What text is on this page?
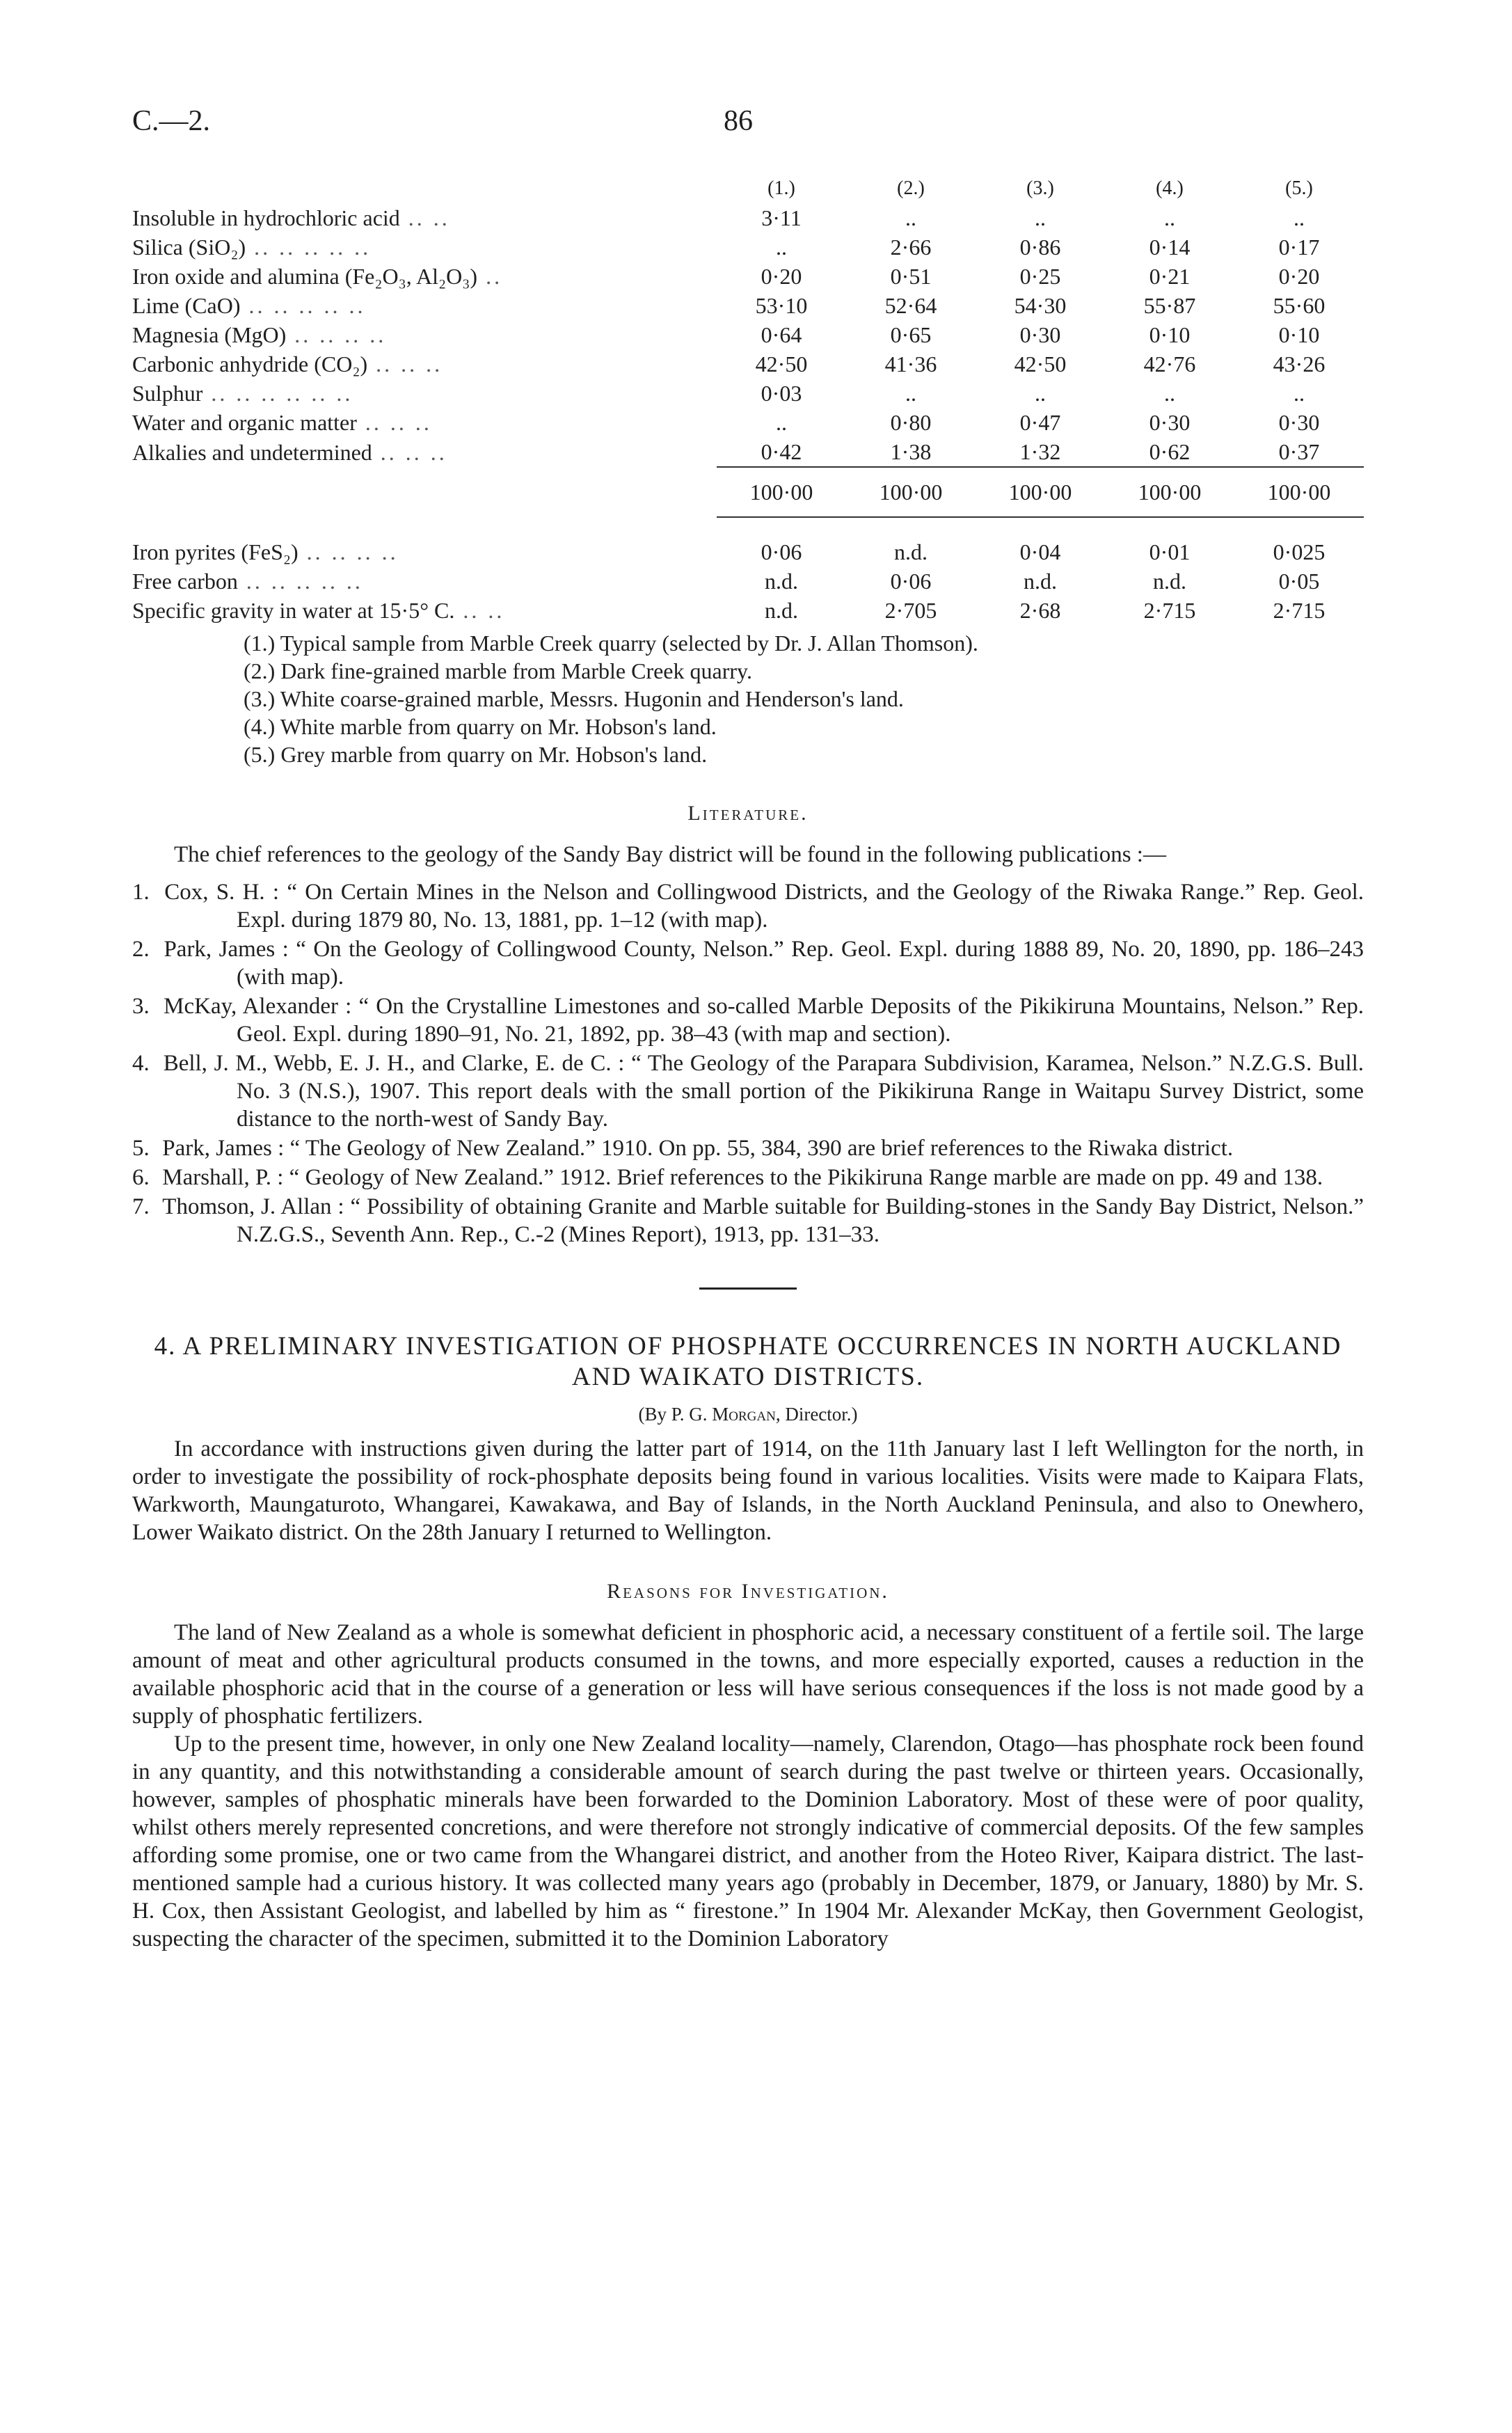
C.—2.	86
	(1.)	(2.)	(3.)	(4.)	(5.)
Insoluble in hydrochloric acid .. ..	3·11	..	..	..	..
Silica (SiO₂) .. .. .. .. ..	..	2·66	0·86	0·14	0·17
Iron oxide and alumina (Fe₂O₃, Al₂O₃) ..	0·20	0·51	0·25	0·21	0·20
Lime (CaO) .. .. .. .. ..	53·10	52·64	54·30	55·87	55·60
Magnesia (MgO) .. .. .. ..	0·64	0·65	0·30	0·10	0·10
Carbonic anhydride (CO₂) .. .. ..	42·50	41·36	42·50	42·76	43·26
Sulphur .. .. .. .. .. ..	0·03	..	..	..	..
Water and organic matter .. .. ..	..	0·80	0·47	0·30	0·30
Alkalies and undetermined .. .. ..	0·42	1·38	1·32	0·62	0·37
	100·00	100·00	100·00	100·00	100·00

Iron pyrites (FeS₂) .. .. .. ..	0·06	n.d.	0·04	0·01	0·025
Free carbon .. .. .. .. ..	n.d.	0·06	n.d.	n.d.	0·05
Specific gravity in water at 15·5° C. .. ..	n.d.	2·705	2·68	2·715	2·715
(1.) Typical sample from Marble Creek quarry (selected by Dr. J. Allan Thomson).
(2.) Dark fine-grained marble from Marble Creek quarry.
(3.) White coarse-grained marble, Messrs. Hugonin and Henderson's land.
(4.) White marble from quarry on Mr. Hobson's land.
(5.) Grey marble from quarry on Mr. Hobson's land.
Literature.

The chief references to the geology of the Sandy Bay district will be found in the following publications :—

1. Cox, S. H. : “ On Certain Mines in the Nelson and Collingwood Districts, and the Geology of the Riwaka Range.” Rep. Geol. Expl. during 1879 80, No. 13, 1881, pp. 1–12 (with map).
2. Park, James : “ On the Geology of Collingwood County, Nelson.” Rep. Geol. Expl. during 1888 89, No. 20, 1890, pp. 186–243 (with map).
3. McKay, Alexander : “ On the Crystalline Limestones and so-called Marble Deposits of the Pikikiruna Mountains, Nelson.” Rep. Geol. Expl. during 1890–91, No. 21, 1892, pp. 38–43 (with map and section).
4. Bell, J. M., Webb, E. J. H., and Clarke, E. de C. : “ The Geology of the Parapara Subdivision, Karamea, Nelson.” N.Z.G.S. Bull. No. 3 (N.S.), 1907. This report deals with the small portion of the Pikikiruna Range in Waitapu Survey District, some distance to the north-west of Sandy Bay.
5. Park, James : “ The Geology of New Zealand.” 1910. On pp. 55, 384, 390 are brief references to the Riwaka district.
6. Marshall, P. : “ Geology of New Zealand.” 1912. Brief references to the Pikikiruna Range marble are made on pp. 49 and 138.
7. Thomson, J. Allan : “ Possibility of obtaining Granite and Marble suitable for Building-stones in the Sandy Bay District, Nelson.” N.Z.G.S., Seventh Ann. Rep., C.-2 (Mines Report), 1913, pp. 131–33.
4. A PRELIMINARY INVESTIGATION OF PHOSPHATE OCCURRENCES IN NORTH AUCKLAND AND WAIKATO DISTRICTS.
(By P. G. Morgan, Director.)

In accordance with instructions given during the latter part of 1914, on the 11th January last I left Wellington for the north, in order to investigate the possibility of rock-phosphate deposits being found in various localities. Visits were made to Kaipara Flats, Warkworth, Maungaturoto, Whangarei, Kawakawa, and Bay of Islands, in the North Auckland Peninsula, and also to Onewhero, Lower Waikato district. On the 28th January I returned to Wellington.

Reasons for Investigation.

The land of New Zealand as a whole is somewhat deficient in phosphoric acid, a necessary constituent of a fertile soil. The large amount of meat and other agricultural products consumed in the towns, and more especially exported, causes a reduction in the available phosphoric acid that in the course of a generation or less will have serious consequences if the loss is not made good by a supply of phosphatic fertilizers.

Up to the present time, however, in only one New Zealand locality—namely, Clarendon, Otago—has phosphate rock been found in any quantity, and this notwithstanding a considerable amount of search during the past twelve or thirteen years. Occasionally, however, samples of phosphatic minerals have been forwarded to the Dominion Laboratory. Most of these were of poor quality, whilst others merely represented concretions, and were therefore not strongly indicative of commercial deposits. Of the few samples affording some promise, one or two came from the Whangarei district, and another from the Hoteo River, Kaipara district. The last-mentioned sample had a curious history. It was collected many years ago (probably in December, 1879, or January, 1880) by Mr. S. H. Cox, then Assistant Geologist, and labelled by him as “ firestone.” In 1904 Mr. Alexander McKay, then Government Geologist, suspecting the character of the specimen, submitted it to the Dominion Laboratory
